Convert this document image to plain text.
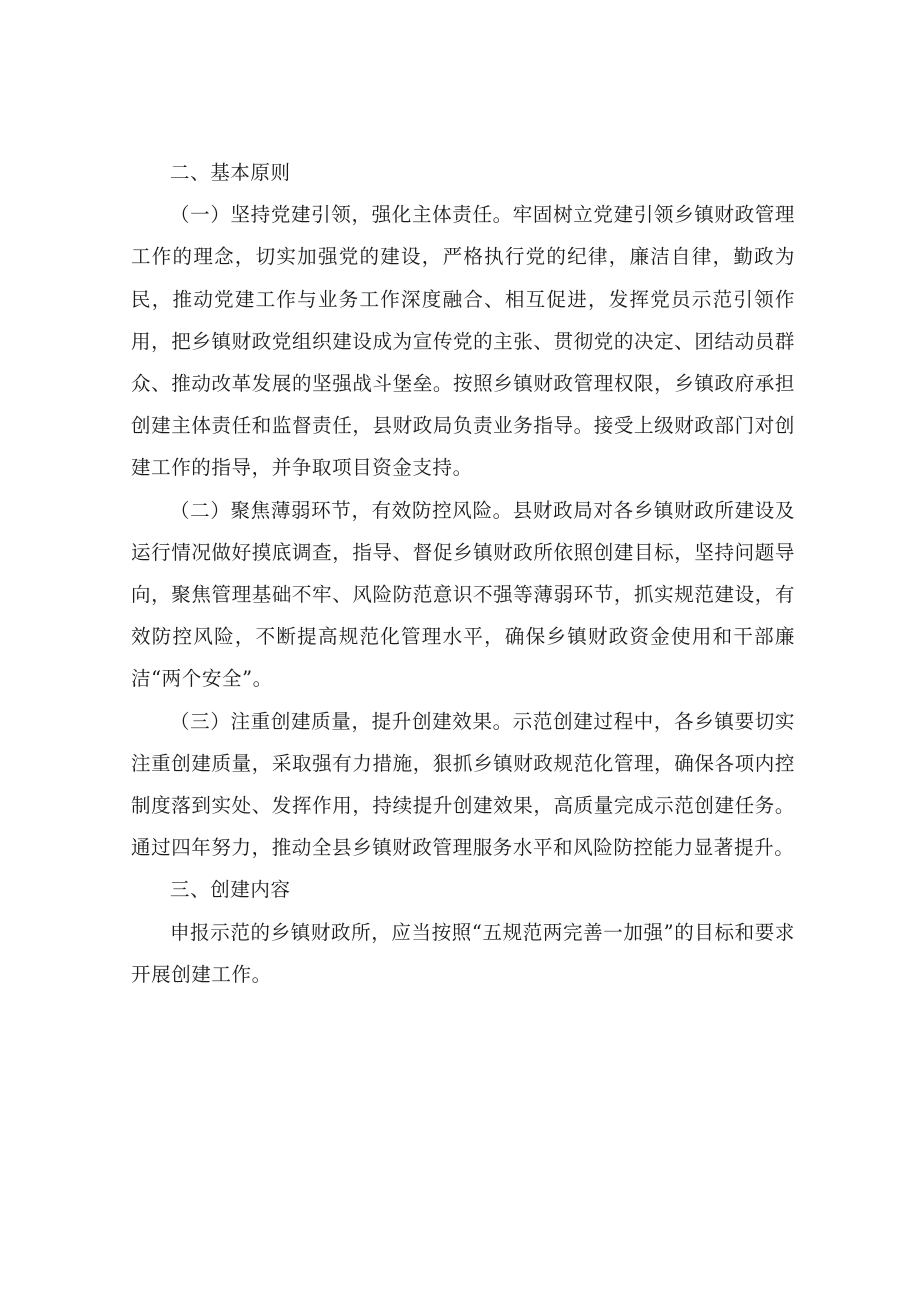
二、基本原则

（一）坚持党建引领，强化主体责任。牢固树立党建引领乡镇财政管理工作的理念，切实加强党的建设，严格执行党的纪律，廉洁自律，勤政为民，推动党建工作与业务工作深度融合、相互促进，发挥党员示范引领作用，把乡镇财政党组织建设成为宣传党的主张、贯彻党的决定、团结动员群众、推动改革发展的坚强战斗堡垒。按照乡镇财政管理权限，乡镇政府承担创建主体责任和监督责任，县财政局负责业务指导。接受上级财政部门对创建工作的指导，并争取项目资金支持。

（二）聚焦薄弱环节，有效防控风险。县财政局对各乡镇财政所建设及运行情况做好摸底调查，指导、督促乡镇财政所依照创建目标，坚持问题导向，聚焦管理基础不牢、风险防范意识不强等薄弱环节，抓实规范建设，有效防控风险，不断提高规范化管理水平，确保乡镇财政资金使用和干部廉洁“两个安全”。

（三）注重创建质量，提升创建效果。示范创建过程中，各乡镇要切实注重创建质量，采取强有力措施，狠抓乡镇财政规范化管理，确保各项内控制度落到实处、发挥作用，持续提升创建效果，高质量完成示范创建任务。通过四年努力，推动全县乡镇财政管理服务水平和风险防控能力显著提升。

三、创建内容

申报示范的乡镇财政所，应当按照“五规范两完善一加强”的目标和要求开展创建工作。
